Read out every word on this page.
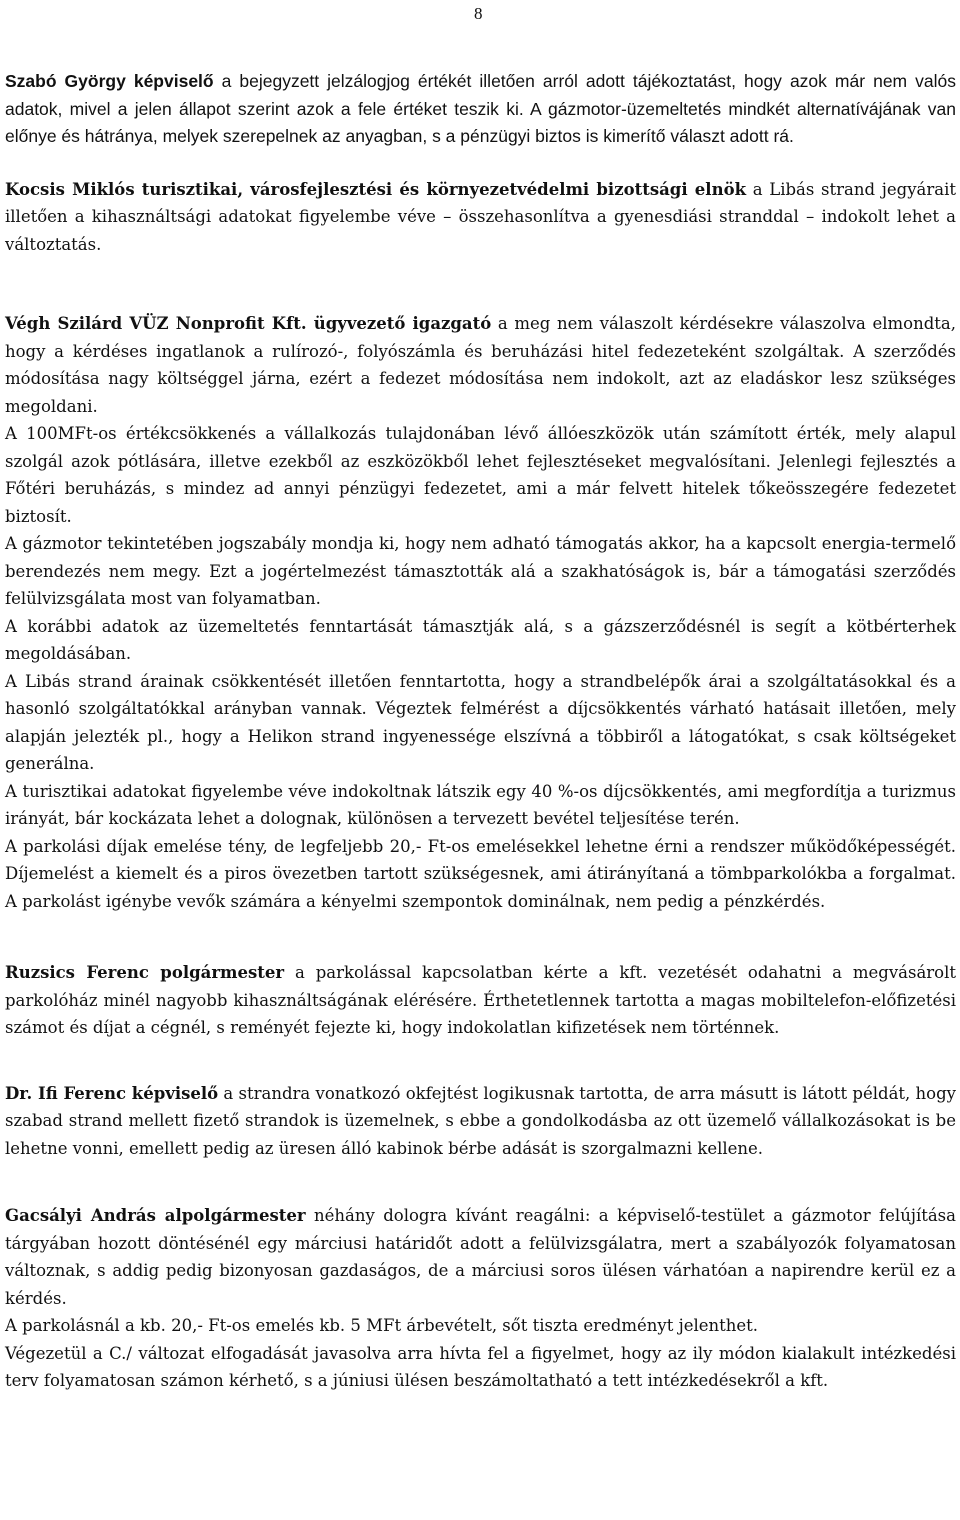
8

Szabó György képviselő a bejegyzett jelzálogjog értékét illetően arról adott tájékoztatást, hogy azok már nem valós adatok, mivel a jelen állapot szerint azok a fele értéket teszik ki. A gázmotor-üzemeltetés mindkét alternatívájának van előnye és hátránya, melyek szerepelnek az anyagban, s a pénzügyi biztos is kimerítő választ adott rá.

Kocsis Miklós turisztikai, városfejlesztési és környezetvédelmi bizottsági elnök a Libás strand jegyárait illetően a kihasználtsági adatokat figyelembe véve – összehasonlítva a gyenesdiási stranddal – indokolt lehet a változtatás.

Végh Szilárd VÜZ Nonprofit Kft. ügyvezető igazgató a meg nem válaszolt kérdésekre válaszolva elmondta, hogy a kérdéses ingatlanok a rulírozó-, folyószámla és beruházási hitel fedezeteként szolgáltak. A szerződés módosítása nagy költséggel járna, ezért a fedezet módosítása nem indokolt, azt az eladáskor lesz szükséges megoldani.

A 100MFt-os értékcsökkenés a vállalkozás tulajdonában lévő állóeszközök után számított érték, mely alapul szolgál azok pótlására, illetve ezekből az eszközökből lehet fejlesztéseket megvalósítani. Jelenlegi fejlesztés a Főtéri beruházás, s mindez ad annyi pénzügyi fedezetet, ami a már felvett hitelek tőkeösszegére fedezetet biztosít.

A gázmotor tekintetében jogszabály mondja ki, hogy nem adható támogatás akkor, ha a kapcsolt energia-termelő berendezés nem megy. Ezt a jogértelmezést támasztották alá a szakhatóságok is, bár a támogatási szerződés felülvizsgálata most van folyamatban.

A korábbi adatok az üzemeltetés fenntartását támasztják alá, s a gázszerződésnél is segít a kötbérterhek megoldásában.

A Libás strand árainak csökkentését illetően fenntartotta, hogy a strandbelépők árai a szolgáltatásokkal és a hasonló szolgáltatókkal arányban vannak. Végeztek felmérést a díjcsökkentés várható hatásait illetően, mely alapján jelezték pl., hogy a Helikon strand ingyenessége elszívná a többiről a látogatókat, s csak költségeket generálna.

A turisztikai adatokat figyelembe véve indokoltnak látszik egy 40 %-os díjcsökkentés, ami megfordítja a turizmus irányát, bár kockázata lehet a dolognak, különösen a tervezett bevétel teljesítése terén.

A parkolási díjak emelése tény, de legfeljebb 20,- Ft-os emelésekkel lehetne érni a rendszer működőképességét. Díjemelést a kiemelt és a piros övezetben tartott szükségesnek, ami átirányítaná a tömbparkolókba a forgalmat. A parkolást igénybe vevők számára a kényelmi szempontok dominálnak, nem pedig a pénzkérdés.

Ruzsics Ferenc polgármester a parkolással kapcsolatban kérte a kft. vezetését odahatni a megvásárolt parkolóház minél nagyobb kihasználtságának elérésére. Érthetetlennek tartotta a magas mobiltelefon-előfizetési számot és díjat a cégnél, s reményét fejezte ki, hogy indokolatlan kifizetések nem történnek.

Dr. Ifi Ferenc képviselő a strandra vonatkozó okfejtést logikusnak tartotta, de arra másutt is látott példát, hogy szabad strand mellett fizető strandok is üzemelnek, s ebbe a gondolkodásba az ott üzemelő vállalkozásokat is be lehetne vonni, emellett pedig az üresen álló kabinok bérbe adását is szorgalmazni kellene.

Gacsályi András alpolgármester néhány dologra kívánt reagálni: a képviselő-testület a gázmotor felújítása tárgyában hozott döntésénél egy márciusi határidőt adott a felülvizsgálatra, mert a szabályozók folyamatosan változnak, s addig pedig bizonyosan gazdaságos, de a márciusi soros ülésen várhatóan a napirendre kerül ez a kérdés.

A parkolásnál a kb. 20,- Ft-os emelés kb. 5 MFt árbevételt, sőt tiszta eredményt jelenthet.

Végezetül a C./ változat elfogadását javasolva arra hívta fel a figyelmet, hogy az ily módon kialakult intézkedési terv folyamatosan számon kérhető, s a júniusi ülésen beszámoltatható a tett intézkedésekről a kft.
